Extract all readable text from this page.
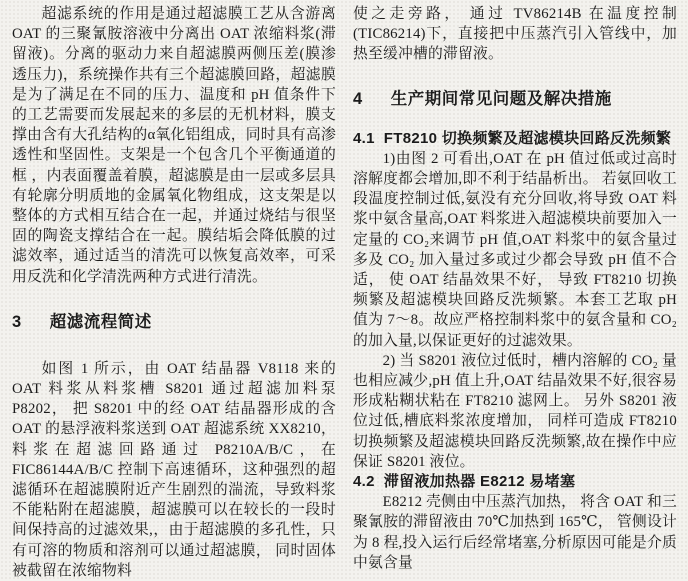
超滤系统的作用是通过超滤膜工艺从含游离 OAT 的三聚氰胺溶液中分离出 OAT 浓缩料浆(滞留液)。分离的驱动力来自超滤膜两侧压差(膜渗透压力)，系统操作共有三个超滤膜回路，超滤膜是为了满足在不同的压力、温度和 pH 值条件下的工艺需要而发展起来的多层的无机材料，膜支撑由含有大孔结构的α氧化铝组成，同时具有高渗透性和坚固性。支架是一个包含几个平衡通道的框 ，内表面覆盖着膜，超滤膜是由一层或多层具有轮廓分明质地的金属氧化物组成，这支架是以整体的方式相互结合在一起，并通过烧结与很坚固的陶瓷支撑结合在一起。膜结垢会降低膜的过滤效率，通过适当的清洗可以恢复高效率，可采用反洗和化学清洗两种方式进行清洗。

3 超滤流程简述

如图 1 所示，由 OAT 结晶器 V8118 来的 OAT 料浆从料浆槽 S8201 通过超滤加料泵 P8202， 把 S8201 中的经 OAT 结晶器形成的含 OAT 的悬浮液料浆送到 OAT 超滤系统 XX8210，料浆在超滤回路通过 P8210A/B/C，在 FIC86144A/B/C 控制下高速循环，这种强烈的超滤循环在超滤膜附近产生剧烈的湍流，导致料浆不能粘附在超滤膜，超滤膜可以在较长的一段时间保持高的过滤效果,，由于超滤膜的多孔性，只有可溶的物质和溶剂可以通过超滤膜， 同时固体被截留在浓缩物料

使之走旁路， 通过 TV86214B 在温度控制(TIC86214)下，直接把中压蒸汽引入管线中，加热至缓冲槽的滞留液。

4 生产期间常见问题及解决措施
4.1 FT8210 切换频繁及超滤模块回路反洗频繁

1)由图 2 可看出,OAT 在 pH 值过低或过高时溶解度都会增加,即不利于结晶析出。 若氨回收工段温度控制过低,氨没有充分回收,将导致 OAT 料浆中氨含量高,OAT 料浆进入超滤模块前要加入一定量的 CO₂来调节 pH 值,OAT 料浆中的氨含量过多及 CO₂ 加入量过多或过少都会导致 pH 值不合适， 使 OAT 结晶效果不好， 导致 FT8210 切换频繁及超滤模块回路反洗频繁。本套工艺取 pH 值为 7～8。故应严格控制料浆中的氨含量和 CO₂ 的加入量,以保证更好的过滤效果。

2) 当 S8201 液位过低时，槽内溶解的 CO₂ 量也相应减少,pH 值上升,OAT 结晶效果不好,很容易形成粘糊状粘在 FT8210 滤网上。 另外 S8201 液位过低,槽底料浆浓度增加， 同样可造成 FT8210 切换频繁及超滤模块回路反洗频繁,故在操作中应保证 S8201 液位。

4.2 滞留液加热器 E8212 易堵塞

E8212 壳侧由中压蒸汽加热， 将含 OAT 和三聚氰胺的滞留液由 70℃加热到 165℃， 管侧设计为 8 程,投入运行后经常堵塞,分析原因可能是介质中氨含量
